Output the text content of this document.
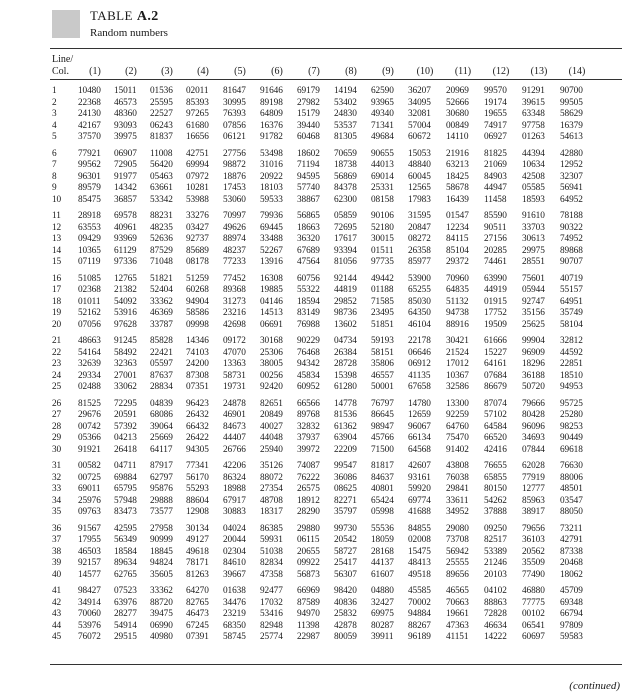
TABLE A.2
Random numbers
Line/
Col.	(1)	(2)	(3)	(4)	(5)	(6)	(7)	(8)	(9)	(10)	(11)	(12)	(13)	(14)
1	10480 15011 01536 02011 81647 91646 69179 14194 62590 36207 20969 99570 91291 90700
2	22368 46573 25595 85393 30995 89198 27982 53402 93965 34095 52666 19174 39615 99505
3	24130 48360 22527 97265 76393 64809 15179 24830 49340 32081 30680 19655 63348 58629
4	42167 93093 06243 61680 07856 16376 39440 53537 71341 57004 00849 74917 97758 16379
5	37570 39975 81837 16656 06121 91782 60468 81305 49684 60672 14110 06927 01263 54613
6	77921 06907 11008 42751 27756 53498 18602 70659 90655 15053 21916 81825 44394 42880
7	99562 72905 56420 69994 98872 31016 71194 18738 44013 48840 63213 21069 10634 12952
8	96301 91977 05463 07972 18876 20922 94595 56869 69014 60045 18425 84903 42508 32307
9	89579 14342 63661 10281 17453 18103 57740 84378 25331 12565 58678 44947 05585 56941
10	85475 36857 53342 53988 53060 59533 38867 62300 08158 17983 16439 11458 18593 64952
11	28918 69578 88231 33276 70997 79936 56865 05859 90106 31595 01547 85590 91610 78188
12	63553 40961 48235 03427 49626 69445 18663 72695 52180 20847 12234 90511 33703 90322
13	09429 93969 52636 92737 88974 33488 36320 17617 30015 08272 84115 27156 30613 74952
14	10365 61129 87529 85689 48237 52267 67689 93394 01511 26358 85104 20285 29975 89868
15	07119 97336 71048 08178 77233 13916 47564 81056 97735 85977 29372 74461 28551 90707
16	51085 12765 51821 51259 77452 16308 60756 92144 49442 53900 70960 63990 75601 40719
17	02368 21382 52404 60268 89368 19885 55322 44819 01188 65255 64835 44919 05944 55157
18	01011 54092 33362 94904 31273 04146 18594 29852 71585 85030 51132 01915 92747 64951
19	52162 53916 46369 58586 23216 14513 83149 98736 23495 64350 94738 17752 35156 35749
20	07056 97628 33787 09998 42698 06691 76988 13602 51851 46104 88916 19509 25625 58104
21	48663 91245 85828 14346 09172 30168 90229 04734 59193 22178 30421 61666 99904 32812
22	54164 58492 22421 74103 47070 25306 76468 26384 58151 06646 21524 15227 96909 44592
23	32639 32363 05597 24200 13363 38005 94342 28728 35806 06912 17012 64161 18296 22851
24	29334 27001 87637 87308 58731 00256 45834 15398 46557 41135 10367 07684 36188 18510
25	02488 33062 28834 07351 19731 92420 60952 61280 50001 67658 32586 86679 50720 94953
26	81525 72295 04839 96423 24878 82651 66566 14778 76797 14780 13300 87074 79666 95725
27	29676 20591 68086 26432 46901 20849 89768 81536 86645 12659 92259 57102 80428 25280
28	00742 57392 39064 66432 84673 40027 32832 61362 98947 96067 64760 64584 96096 98253
29	05366 04213 25669 26422 44407 44048 37937 63904 45766 66134 75470 66520 34693 90449
30	91921 26418 64117 94305 26766 25940 39972 22209 71500 64568 91402 42416 07844 69618
31	00582 04711 87917 77341 42206 35126 74087 99547 81817 42607 43808 76655 62028 76630
32	00725 69884 62797 56170 86324 88072 76222 36086 84637 93161 76038 65855 77919 88006
33	69011 65795 95876 55293 18988 27354 26575 08625 40801 59920 29841 80150 12777 48501
34	25976 57948 29888 88604 67917 48708 18912 82271 65424 69774 33611 54262 85963 03547
35	09763 83473 73577 12908 30883 18317 28290 35797 05998 41688 34952 37888 38917 88050
36	91567 42595 27958 30134 04024 86385 29880 99730 55536 84855 29080 09250 79656 73211
37	17955 56349 90999 49127 20044 59931 06115 20542 18059 02008 73708 82517 36103 42791
38	46503 18584 18845 49618 02304 51038 20655 58727 28168 15475 56942 53389 20562 87338
39	92157 89634 94824 78171 84610 82834 09922 25417 44137 48413 25555 21246 35509 20468
40	14577 62765 35605 81263 39667 47358 56873 56307 61607 49518 89656 20103 77490 18062
41	98427 07523 33362 64270 01638 92477 66969 98420 04880 45585 46565 04102 46880 45709
42	34914 63976 88720 82765 34476 17032 87589 40836 32427 70002 70663 88863 77775 69348
43	70060 28277 39475 46473 23219 53416 94970 25832 69975 94884 19661 72828 00102 66794
44	53976 54914 06990 67245 68350 82948 11398 42878 80287 88267 47363 46634 06541 97809
45	76072 29515 40980 07391 58745 25774 22987 80059 39911 96189 41151 14222 60697 59583
(continued)
